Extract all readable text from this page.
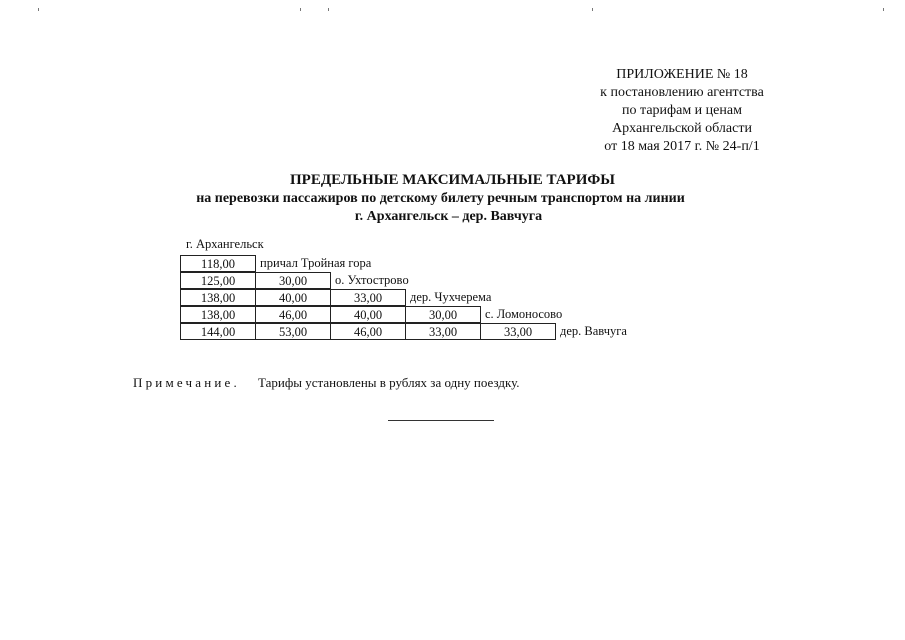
ПРИЛОЖЕНИЕ № 18
к постановлению агентства
по тарифам и ценам
Архангельской области
от 18 мая 2017 г. № 24-п/1
ПРЕДЕЛЬНЫЕ МАКСИМАЛЬНЫЕ ТАРИФЫ
на перевозки пассажиров по детскому билету речным транспортом на линии
г. Архангельск – дер. Вавчуга
г. Архангельск
118,00	причал Тройная гора
125,00	30,00	о. Ухтостровo
138,00	40,00	33,00	дер. Чухчерема
138,00	46,00	40,00	30,00	с. Ломоносово
144,00	53,00	46,00	33,00	33,00	дер. Вавчуга
Примечание. Тарифы установлены в рублях за одну поездку.
